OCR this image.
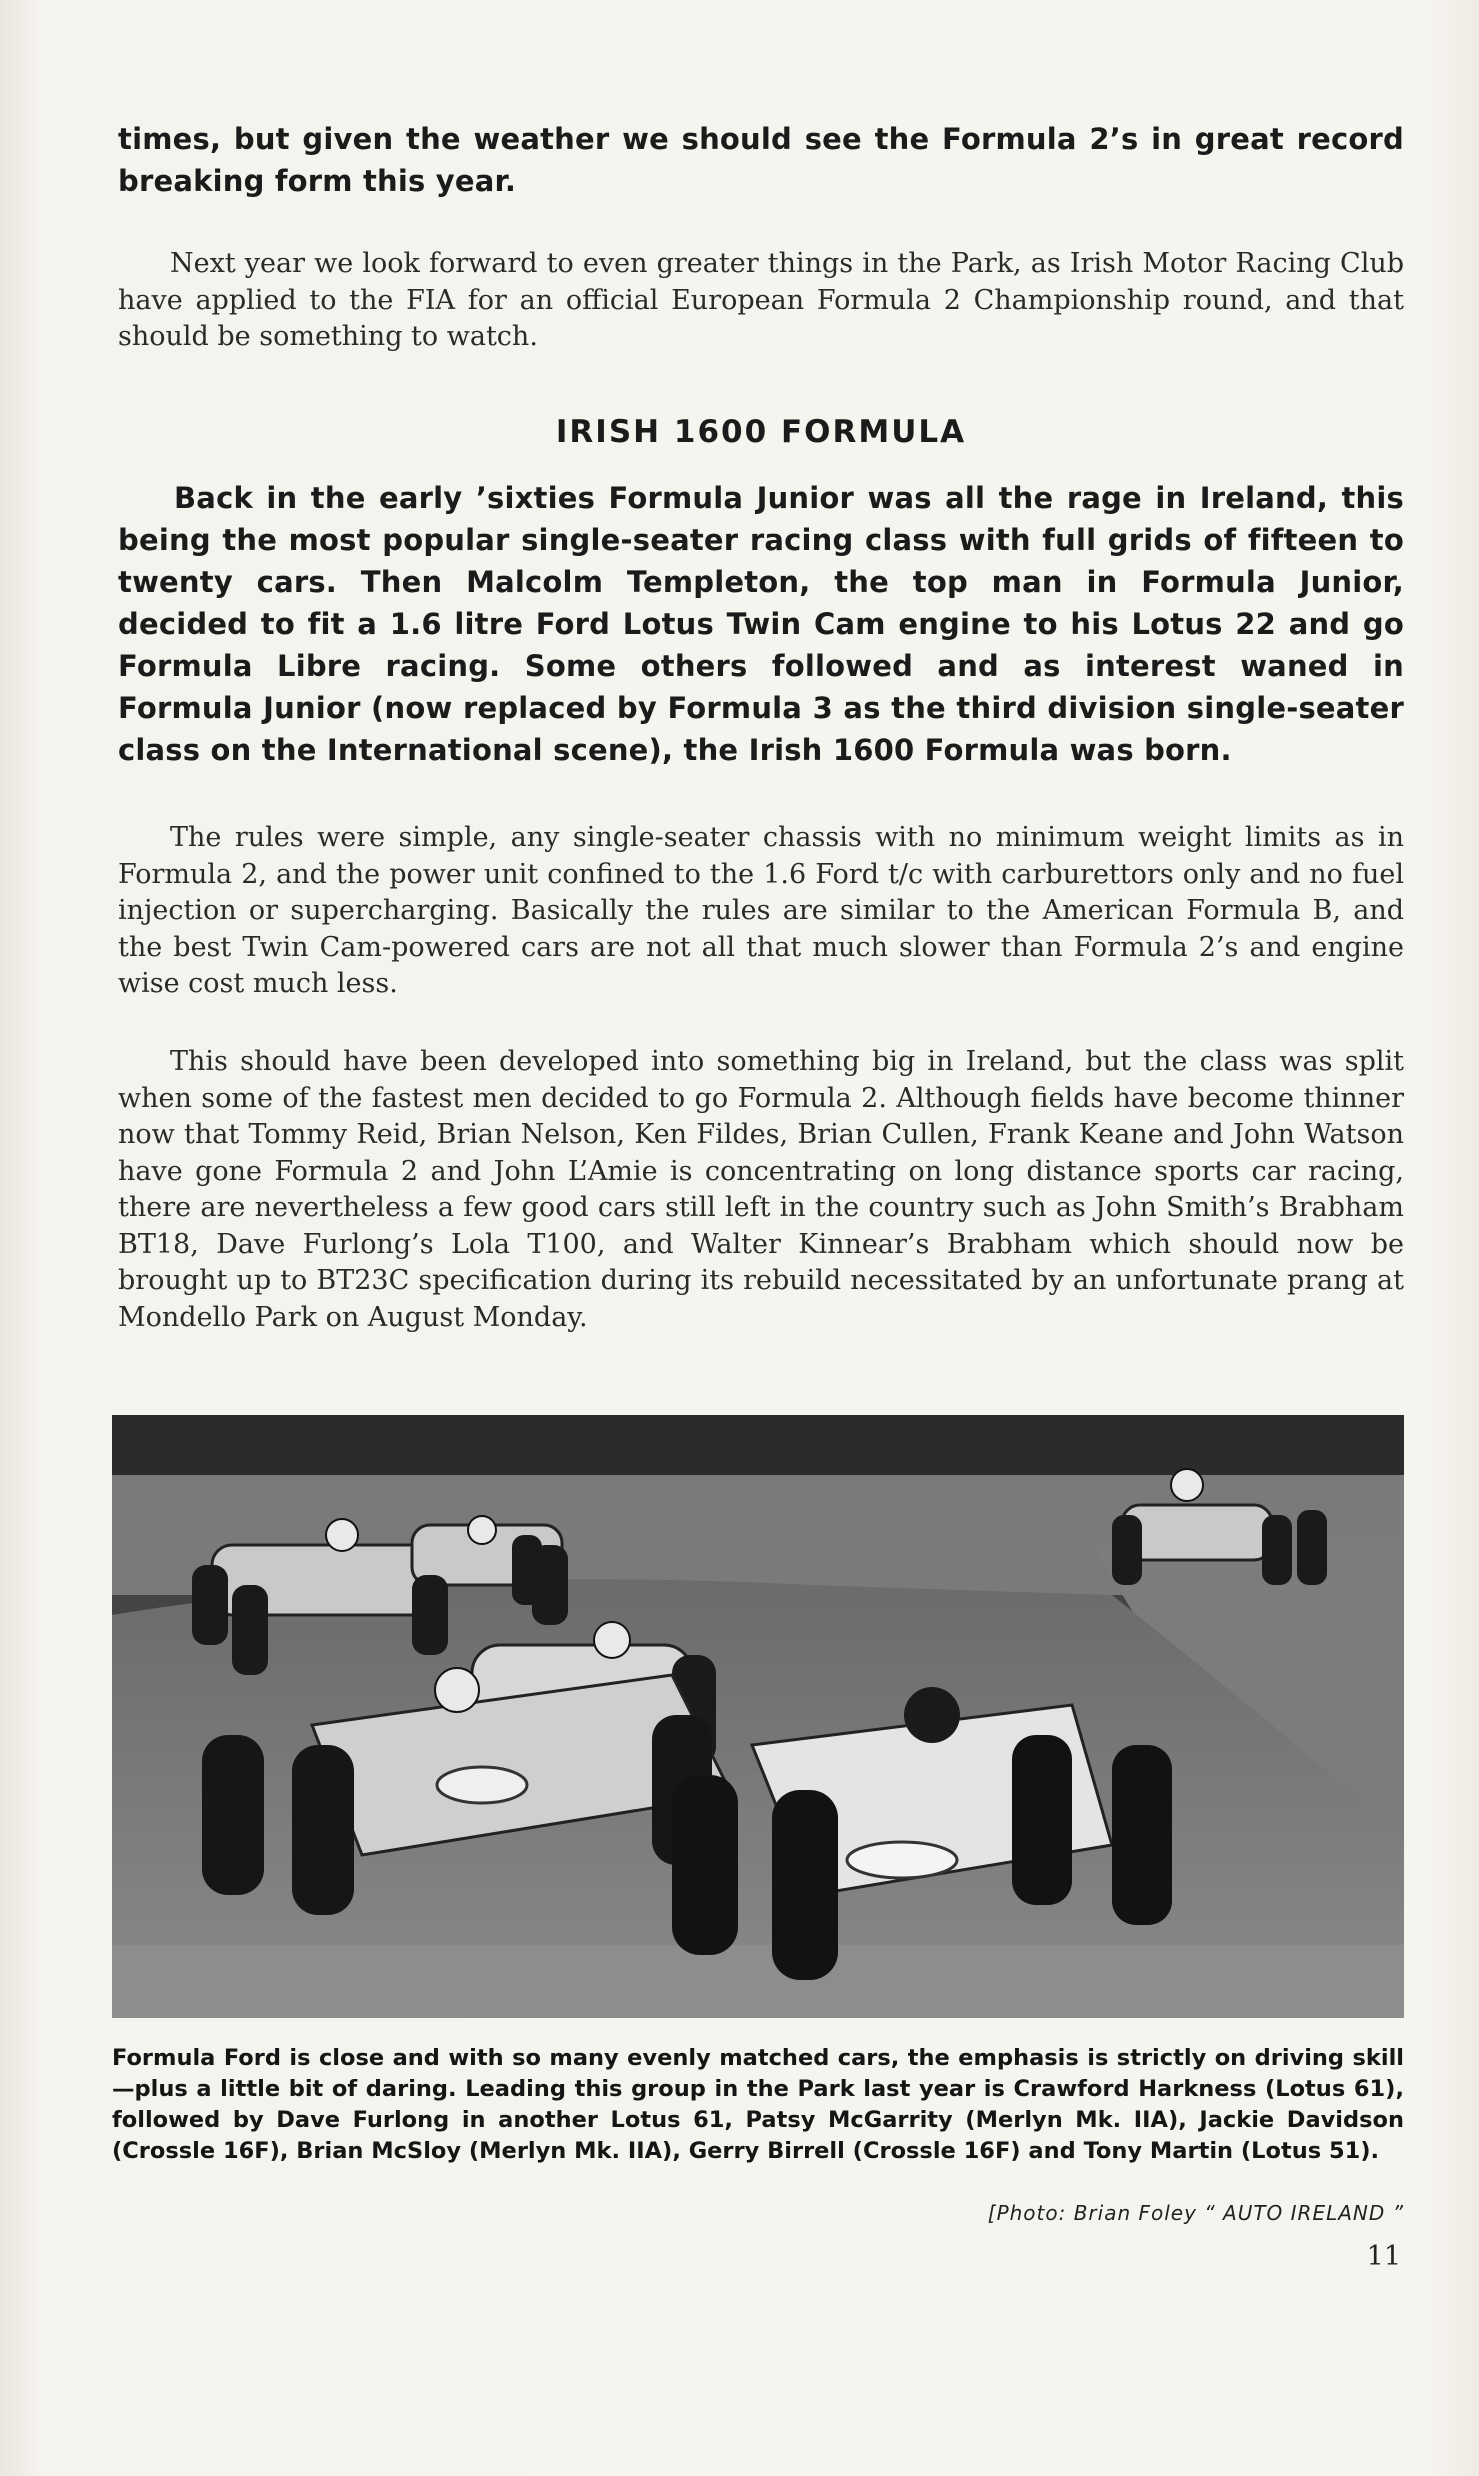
times, but given the weather we should see the Formula 2’s in great record breaking form this year.

Next year we look forward to even greater things in the Park, as Irish Motor Racing Club have applied to the FIA for an official European Formula 2 Championship round, and that should be something to watch.

IRISH 1600 FORMULA

Back in the early ’sixties Formula Junior was all the rage in Ireland, this being the most popular single-seater racing class with full grids of fifteen to twenty cars. Then Malcolm Templeton, the top man in Formula Junior, decided to fit a 1.6 litre Ford Lotus Twin Cam engine to his Lotus 22 and go Formula Libre racing. Some others followed and as interest waned in Formula Junior (now replaced by Formula 3 as the third division single-seater class on the International scene), the Irish 1600 Formula was born.

The rules were simple, any single-seater chassis with no minimum weight limits as in Formula 2, and the power unit confined to the 1.6 Ford t/c with carburettors only and no fuel injection or supercharging. Basically the rules are similar to the American Formula B, and the best Twin Cam-powered cars are not all that much slower than Formula 2’s and engine wise cost much less.

This should have been developed into something big in Ireland, but the class was split when some of the fastest men decided to go Formula 2. Although fields have become thinner now that Tommy Reid, Brian Nelson, Ken Fildes, Brian Cullen, Frank Keane and John Watson have gone Formula 2 and John L’Amie is concentrating on long distance sports car racing, there are nevertheless a few good cars still left in the country such as John Smith’s Brabham BT18, Dave Furlong’s Lola T100, and Walter Kinnear’s Brabham which should now be brought up to BT23C specification during its rebuild necessitated by an unfortunate prang at Mondello Park on August Monday.

Formula Ford is close and with so many evenly matched cars, the emphasis is strictly on driving skill—plus a little bit of daring. Leading this group in the Park last year is Crawford Harkness (Lotus 61), followed by Dave Furlong in another Lotus 61, Patsy McGarrity (Merlyn Mk. IIA), Jackie Davidson (Crossle 16F), Brian McSloy (Merlyn Mk. IIA), Gerry Birrell (Crossle 16F) and Tony Martin (Lotus 51).

[Photo: Brian Foley “ AUTO IRELAND ”

11
